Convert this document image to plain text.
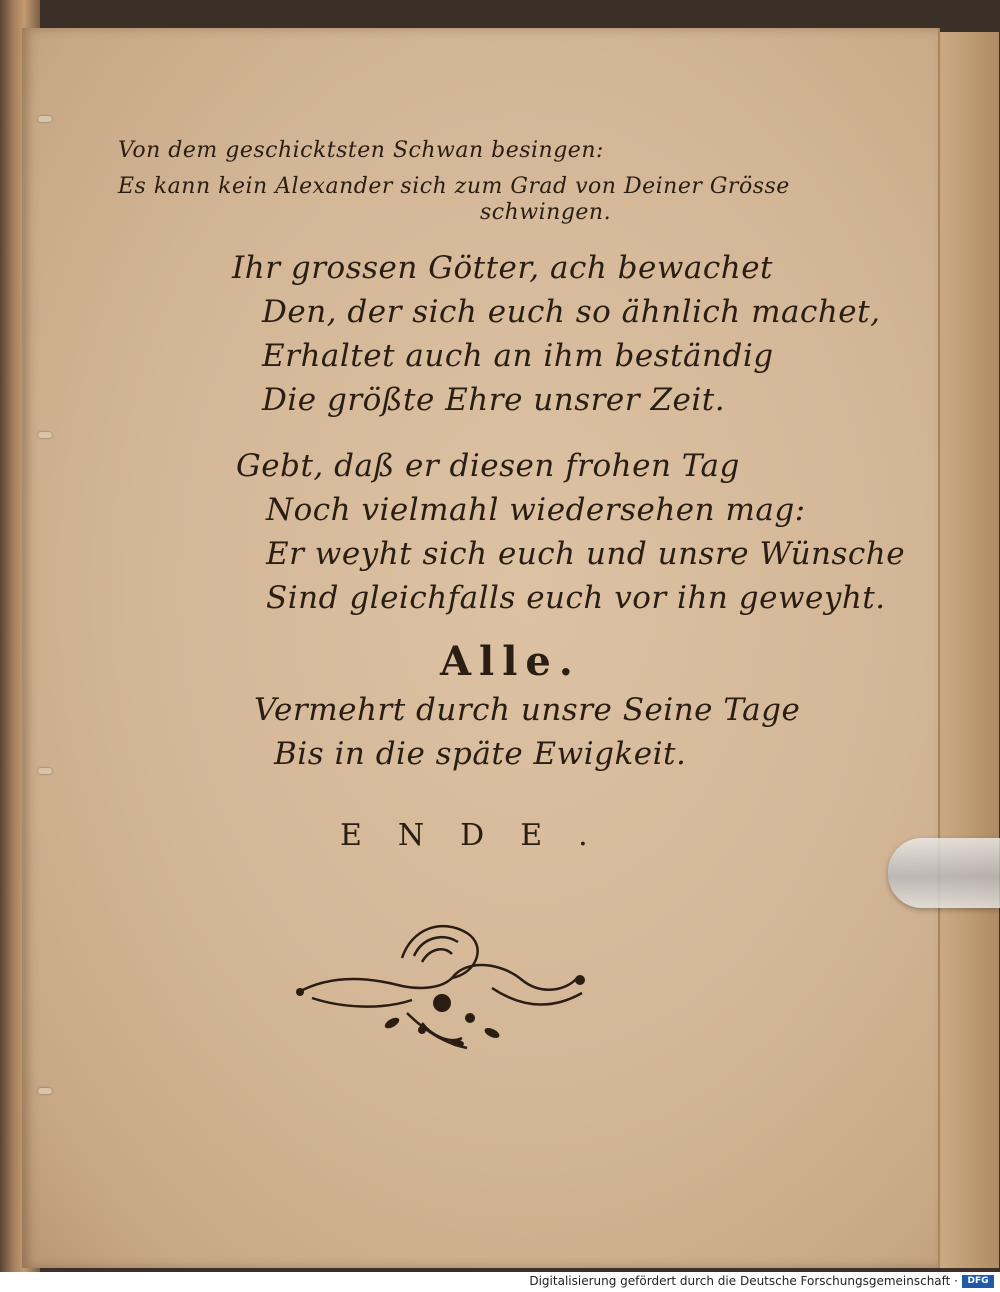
Von dem geschicktsten Schwan besingen:
Es kann kein Alexander sich zum Grad von Deiner Grösse
schwingen.
Ihr grossen Götter, ach bewachet
Den, der sich euch so ähnlich machet,
Erhaltet auch an ihm beständig
Die größte Ehre unsrer Zeit.
Gebt, daß er diesen frohen Tag
Noch vielmahl wiedersehen mag:
Er weyht sich euch und unsre Wünsche
Sind gleichfalls euch vor ihn geweyht.
Alle.
Vermehrt durch unsre Seine Tage
Bis in die späte Ewigkeit.
ENDE.
Digitalisierung gefördert durch die Deutsche Forschungsgemeinschaft ·	DFG
